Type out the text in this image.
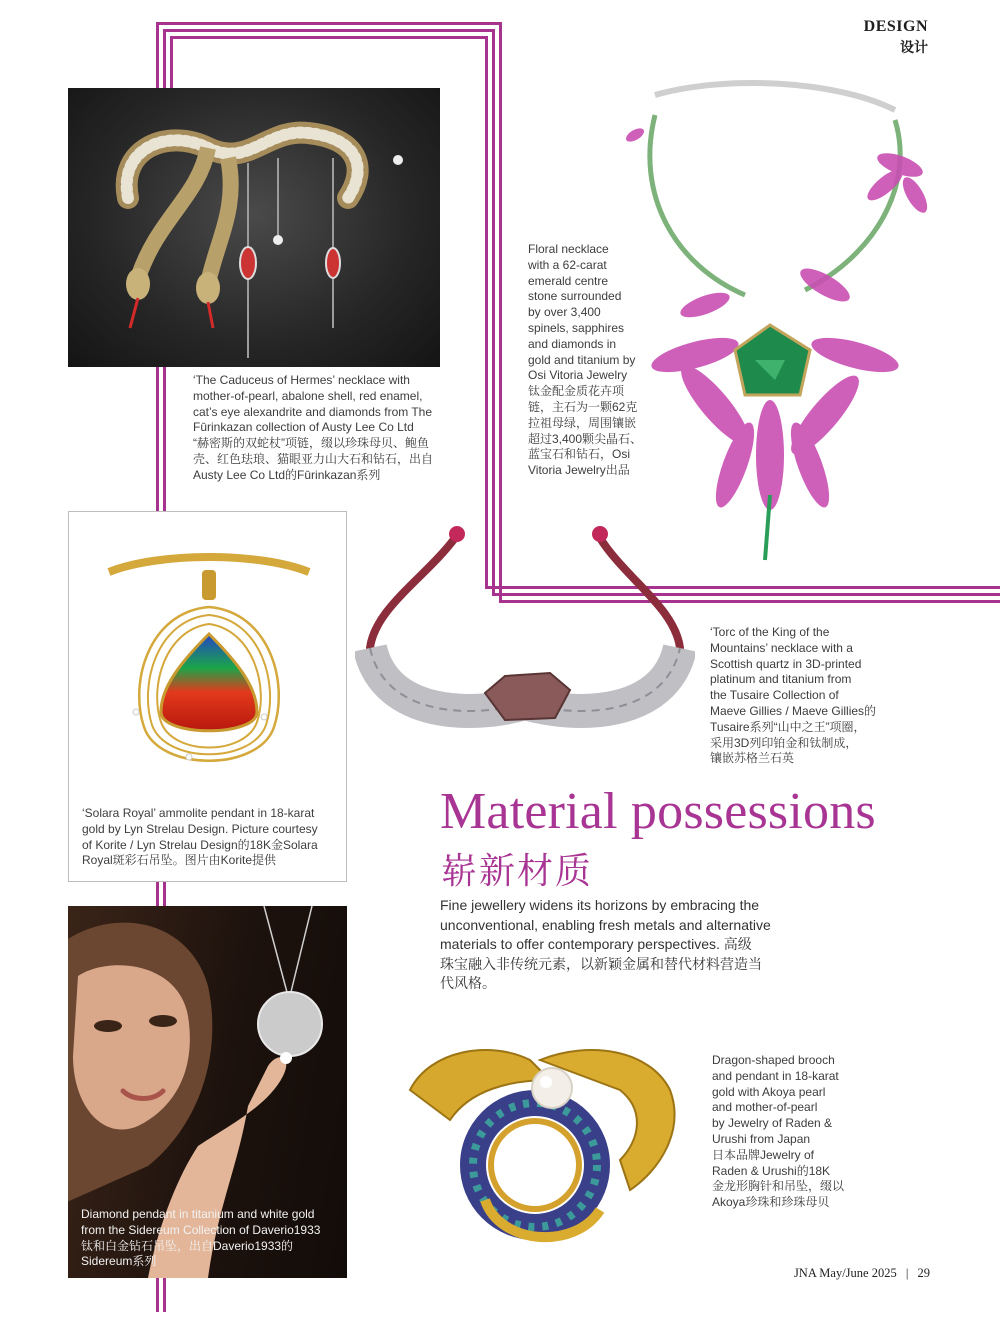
DESIGN
设计
‘The Caduceus of Hermes’ necklace with
mother-of-pearl, abalone shell, red enamel,
cat’s eye alexandrite and diamonds from The
Fūrinkazan collection of Austy Lee Co Ltd
“赫密斯的双蛇杖”项链，缀以珍珠母贝、鲍鱼
壳、红色珐琅、猫眼亚力山大石和钻石，出自
Austy Lee Co Ltd的Fūrinkazan系列
Floral necklace
with a 62-carat
emerald centre
stone surrounded
by over 3,400
spinels, sapphires
and diamonds in
gold and titanium by
Osi Vitoria Jewelry
钛金配金质花卉项
链，主石为一颗62克
拉祖母绿，周围镶嵌
超过3,400颗尖晶石、
蓝宝石和钻石，Osi
Vitoria Jewelry出品
‘Solara Royal’ ammolite pendant in 18-karat
gold by Lyn Strelau Design. Picture courtesy
of Korite / Lyn Strelau Design的18K金Solara
Royal斑彩石吊坠。图片由Korite提供
‘Torc of the King of the
Mountains’ necklace with a
Scottish quartz in 3D-printed
platinum and titanium from
the Tusaire Collection of
Maeve Gillies / Maeve Gillies的
Tusaire系列“山中之王”项圈，
采用3D列印铂金和钛制成，
镶嵌苏格兰石英
Material possessions
崭新材质
Fine jewellery widens its horizons by embracing the
unconventional, enabling fresh metals and alternative
materials to offer contemporary perspectives. 高级
珠宝融入非传统元素，以新颖金属和替代材料营造当
代风格。
Diamond pendant in titanium and white gold
from the Sidereum Collection of Daverio1933
钛和白金钻石吊坠，出自Daverio1933的
Sidereum系列
Dragon-shaped brooch
and pendant in 18-karat
gold with Akoya pearl
and mother-of-pearl
by Jewelry of Raden &
Urushi from Japan
日本品牌Jewelry of
Raden & Urushi的18K
金龙形胸针和吊坠，缀以
Akoya珍珠和珍珠母贝
JNA May/June 2025 | 29
